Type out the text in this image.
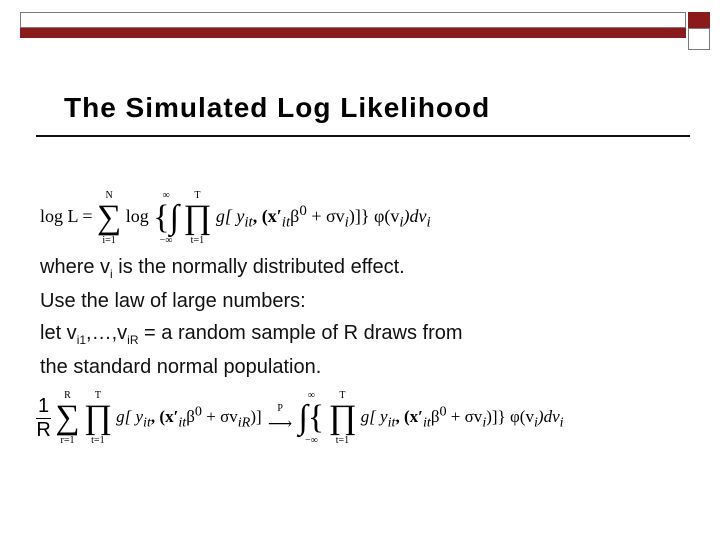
The Simulated Log Likelihood
log L =
N
∑
i=1
log
∞
{∫
−∞

T
∏
t=1
g[ $y_{it}$, $(x'_{it}\beta^0 + \sigma v_i)$]} $\varphi(v_i)dv_i$
where $v_i$ is the normally distributed effect.
Use the law of large numbers:
let $v_{i1},\dots,v_{iR} = a$ random sample of R draws from
the standard normal population.
$\frac{1}{R}$
	R
∑
r=1

T
∏
t=1
g[ $y_{it}$, $(x'_{it}\beta^0 + \sigma v_{iR})$]	P
⟶

∞
∫{
−∞

T
∏
t=1
g[ $y_{it}$, $(x'_{it}\beta^0 + \sigma v_i)$]} $\varphi(v_i)dv_i$
